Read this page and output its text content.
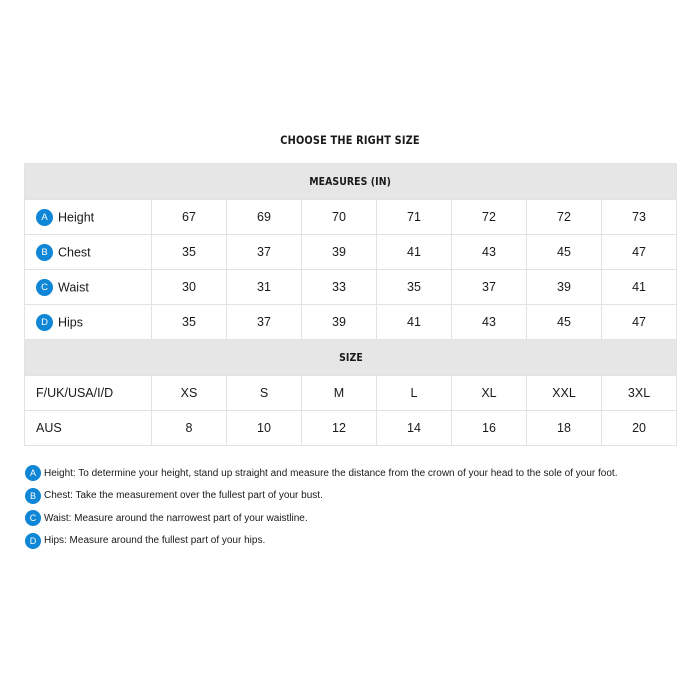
CHOOSE THE RIGHT SIZE
MEASURES (IN)							
A Height	67	69	70	71	72	72	73
B Chest	35	37	39	41	43	45	47
C Waist	30	31	33	35	37	39	41
D Hips	35	37	39	41	43	45	47
SIZE							
F/UK/USA/I/D	XS	S	M	L	XL	XXL	3XL
AUS	8	10	12	14	16	18	20
A Height: To determine your height, stand up straight and measure the distance from the crown of your head to the sole of your foot.
B Chest: Take the measurement over the fullest part of your bust.
C Waist: Measure around the narrowest part of your waistline.
D Hips: Measure around the fullest part of your hips.
